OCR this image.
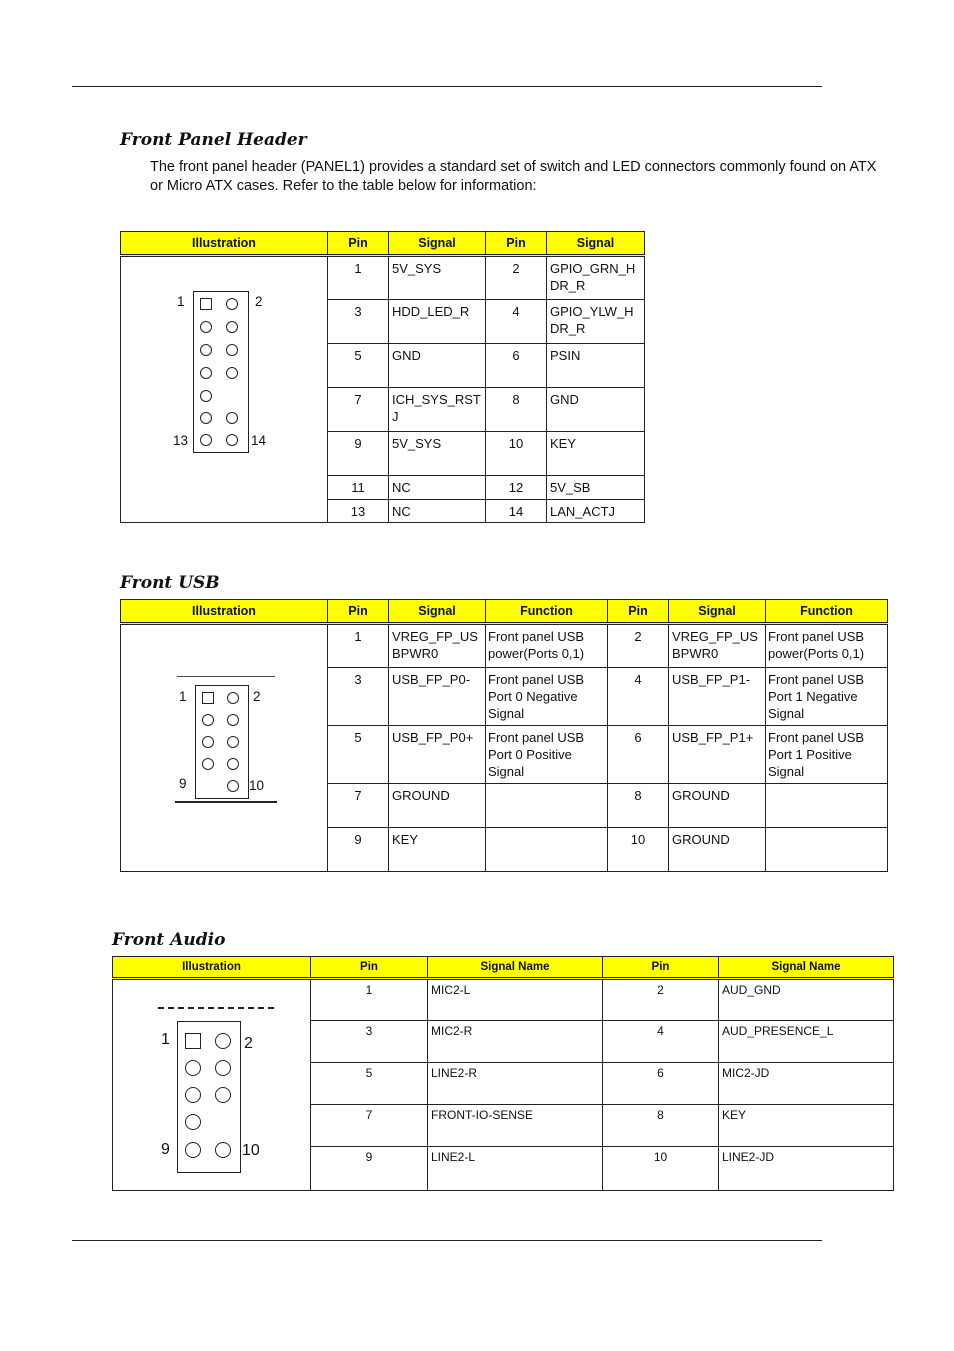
Front Panel Header
The front panel header (PANEL1) provides a standard set of switch and LED connectors commonly found on ATX or Micro ATX cases. Refer to the table below for information:
Illustration	Pin	Signal	Pin	Signal

1 2
13 14	1	5V_SYS	2	GPIO_GRN_HDR_R
	3	HDD_LED_R	4	GPIO_YLW_HDR_R
	5	GND	6	PSIN
	7	ICH_SYS_RSTJ	8	GND
	9	5V_SYS	10	KEY
	11	NC	12	5V_SB
	13	NC	14	LAN_ACTJ
Front USB
Illustration	Pin	Signal	Function	Pin	Signal	Function

1 2
9 10	1	VREG_FP_USBPWR0	Front panel USB power(Ports 0,1)	2	VREG_FP_USBPWR0	Front panel USB power(Ports 0,1)
	3	USB_FP_P0-	Front panel USB Port 0 Negative Signal	4	USB_FP_P1-	Front panel USB Port 1 Negative Signal
	5	USB_FP_P0+	Front panel USB Port 0 Positive Signal	6	USB_FP_P1+	Front panel USB Port 1 Positive Signal
	7	GROUND		8	GROUND	
	9	KEY		10	GROUND	
Front Audio
Illustration	Pin	Signal Name	Pin	Signal Name

1 2
9 10	1	MIC2-L	2	AUD_GND
	3	MIC2-R	4	AUD_PRESENCE_L
	5	LINE2-R	6	MIC2-JD
	7	FRONT-IO-SENSE	8	KEY
	9	LINE2-L	10	LINE2-JD
